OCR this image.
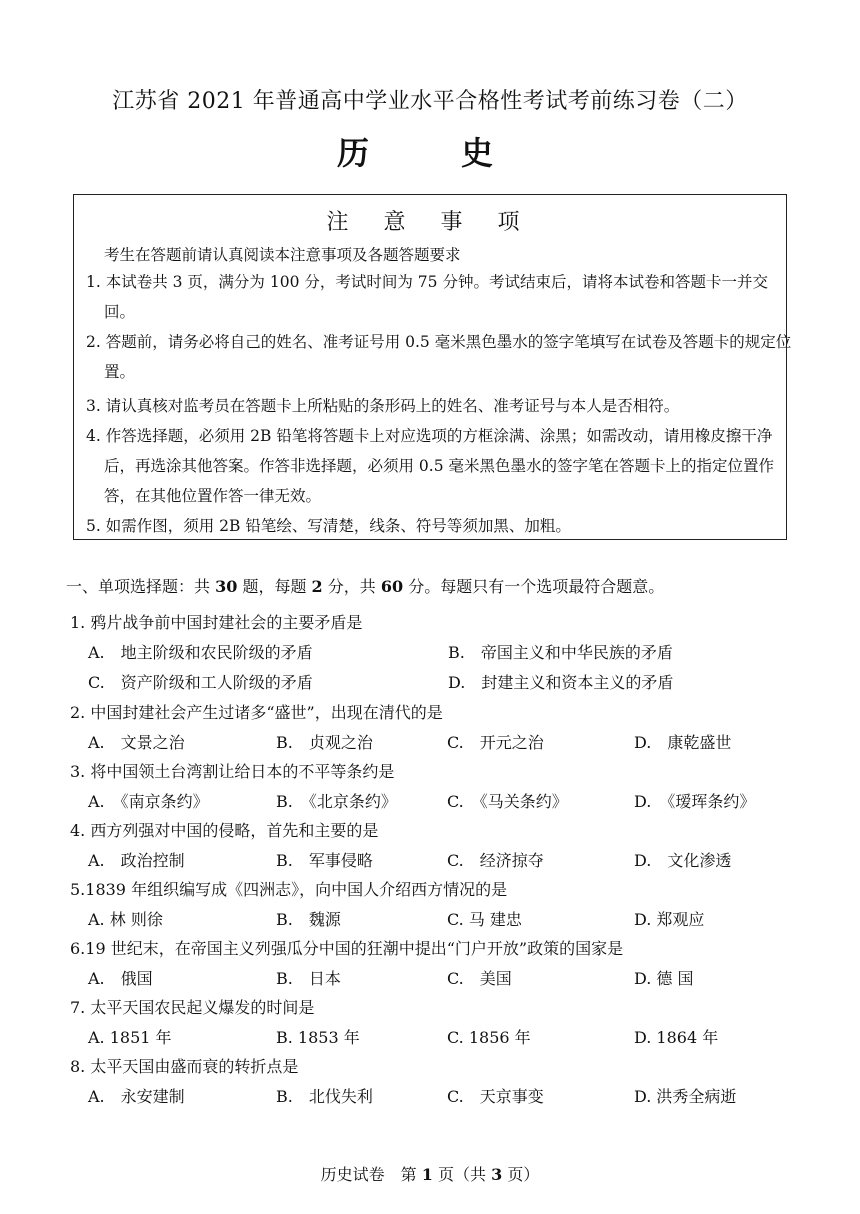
江苏省 2021 年普通高中学业水平合格性考试考前练习卷（二）
历　史
注 意 事 项
考生在答题前请认真阅读本注意事项及各题答题要求
1. 本试卷共 3 页，满分为 100 分，考试时间为 75 分钟。考试结束后，请将本试卷和答题卡一并交回。
2. 答题前，请务必将自己的姓名、准考证号用 0.5 毫米黑色墨水的签字笔填写在试卷及答题卡的规定位置。
3. 请认真核对监考员在答题卡上所粘贴的条形码上的姓名、准考证号与本人是否相符。
4. 作答选择题，必须用 2B 铅笔将答题卡上对应选项的方框涂满、涂黑；如需改动，请用橡皮擦干净后，再选涂其他答案。作答非选择题，必须用 0.5 毫米黑色墨水的签字笔在答题卡上的指定位置作答，在其他位置作答一律无效。
5. 如需作图，须用 2B 铅笔绘、写清楚，线条、符号等须加黑、加粗。
一、单项选择题：共 30 题，每题 2 分，共 60 分。每题只有一个选项最符合题意。
1. 鸦片战争前中国封建社会的主要矛盾是
A.　地主阶级和农民阶级的矛盾	B.　帝国主义和中华民族的矛盾
C.　资产阶级和工人阶级的矛盾	D.　封建主义和资本主义的矛盾
2. 中国封建社会产生过诸多“盛世”，出现在清代的是
A.　文景之治	B.　贞观之治	C.　开元之治	D.　康乾盛世
3. 将中国领土台湾割让给日本的不平等条约是
A.　《南京条约》	B.　《北京条约》	C.　《马关条约》	D.　《瑷珲条约》
4. 西方列强对中国的侵略，首先和主要的是
A.　政治控制	B.　军事侵略	C.　经济掠夺	D.　文化渗透
5.1839 年组织编写成《四洲志》，向中国人介绍西方情况的是
A. 林 则徐	B.　魏源	C. 马 建忠	D. 郑观应
6.19 世纪末，在帝国主义列强瓜分中国的狂潮中提出“门户开放”政策的国家是
A.　俄国	B.　日本	C.　美国	D. 德 国
7. 太平天国农民起义爆发的时间是
A. 1851 年	B. 1853 年	C. 1856 年	D. 1864 年
8. 太平天国由盛而衰的转折点是
A.　永安建制	B.　北伐失利	C.　天京事变	D. 洪秀全病逝
历史试卷　第 1 页（共 3 页）
